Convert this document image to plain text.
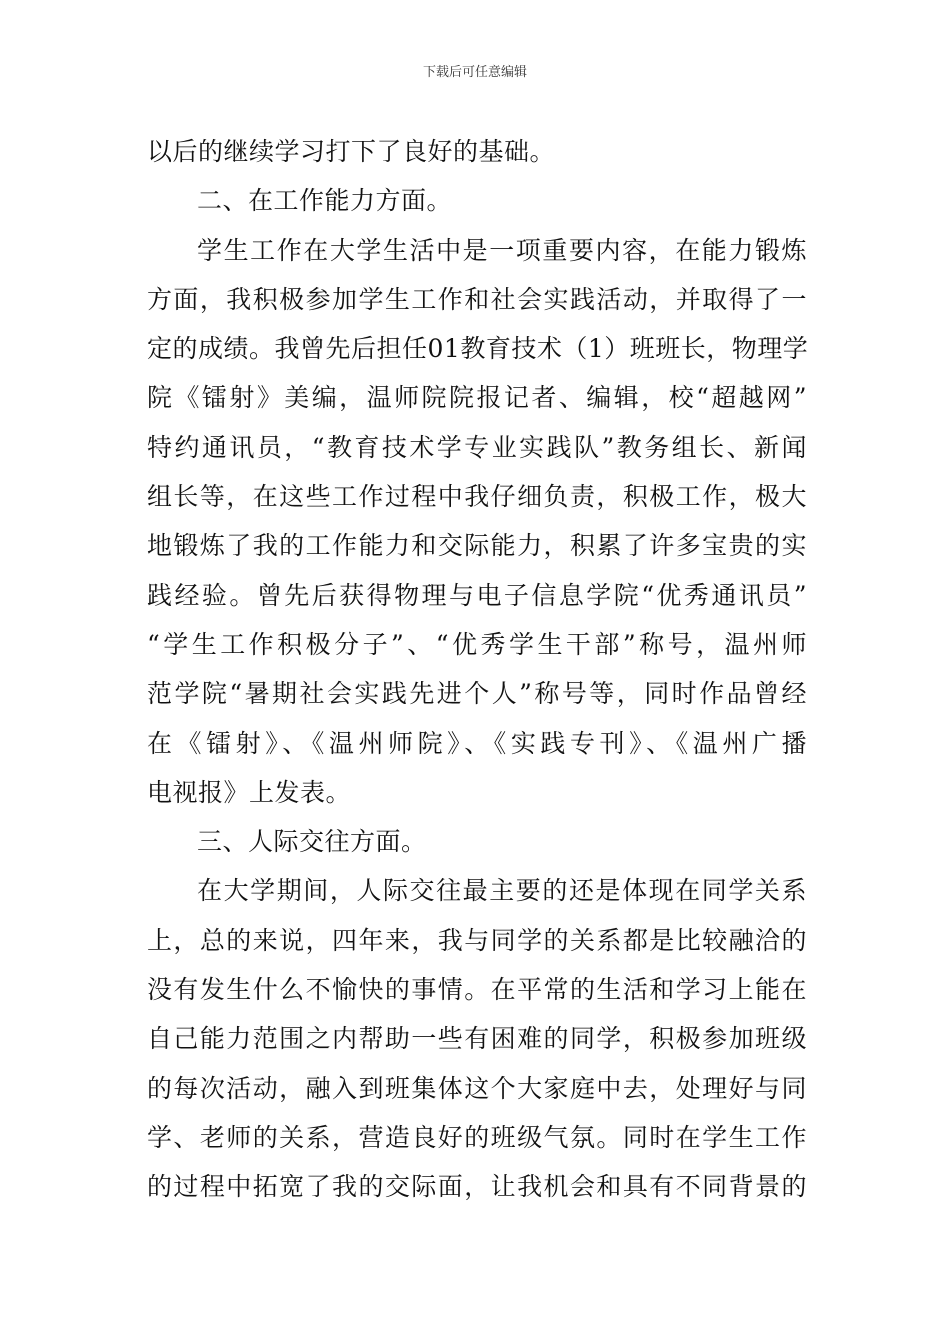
下载后可任意编辑
以后的继续学习打下了良好的基础。
二、在工作能力方面。
学生工作在大学生活中是一项重要内容，在能力锻炼
方面，我积极参加学生工作和社会实践活动，并取得了一
定的成绩。我曾先后担任01教育技术（1）班班长，物理学
院《镭射》美编，温师院院报记者、编辑，校“超越网”
特约通讯员，“教育技术学专业实践队”教务组长、新闻
组长等，在这些工作过程中我仔细负责，积极工作，极大
地锻炼了我的工作能力和交际能力，积累了许多宝贵的实
践经验。曾先后获得物理与电子信息学院“优秀通讯员”
“学生工作积极分子”、“优秀学生干部”称号，温州师
范学院“暑期社会实践先进个人”称号等，同时作品曾经
在《镭射》、《温州师院》、《实践专刊》、《温州广播
电视报》上发表。
三、人际交往方面。
在大学期间，人际交往最主要的还是体现在同学关系
上，总的来说，四年来，我与同学的关系都是比较融洽的
没有发生什么不愉快的事情。在平常的生活和学习上能在
自己能力范围之内帮助一些有困难的同学，积极参加班级
的每次活动，融入到班集体这个大家庭中去，处理好与同
学、老师的关系，营造良好的班级气氛。同时在学生工作
的过程中拓宽了我的交际面，让我机会和具有不同背景的
